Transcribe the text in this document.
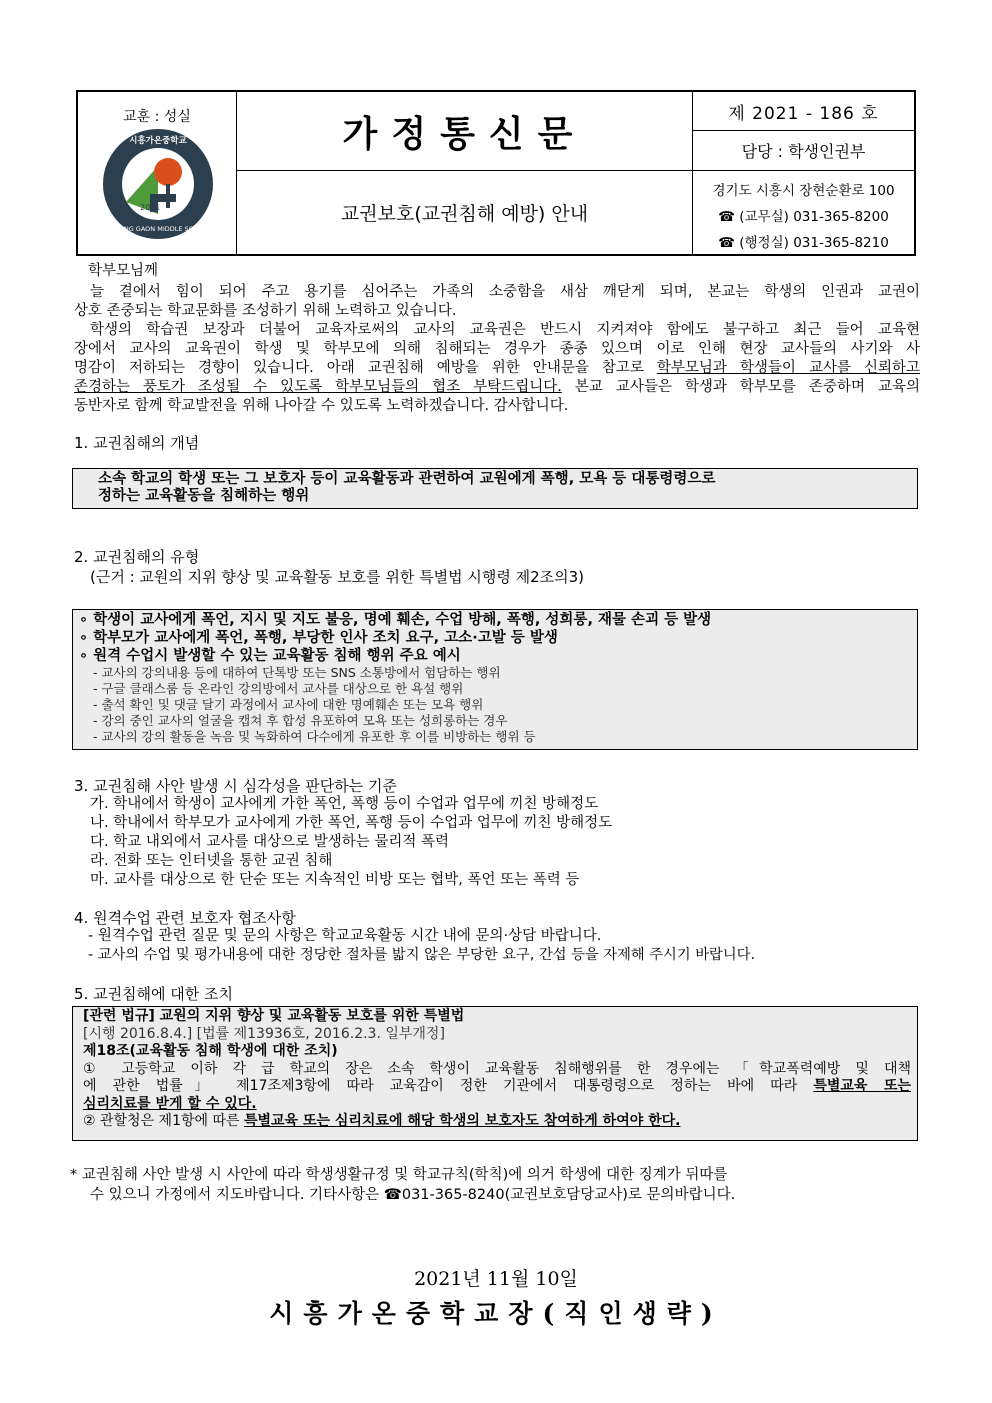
교훈 : 성실
2021
시흥가온중학교
SIHEUNG GAON MIDDLE SCHOOL
가정통신문
교권보호(교권침해 예방) 안내
제 2021 - 186 호
담당 : 학생인권부
경기도 시흥시 장현순환로 100
☎ (교무실) 031-365-8200
☎ (행정실) 031-365-8210
학부모님께
늘 곁에서 힘이 되어 주고 용기를 심어주는 가족의 소중함을 새삼 깨닫게 되며, 본교는 학생의 인권과 교권이
상호 존중되는 학교문화를 조성하기 위해 노력하고 있습니다.
학생의 학습권 보장과 더불어 교육자로써의 교사의 교육권은 반드시 지켜져야 함에도 불구하고 최근 들어 교육현
장에서 교사의 교육권이 학생 및 학부모에 의해 침해되는 경우가 종종 있으며 이로 인해 현장 교사들의 사기와 사
명감이 저하되는 경향이 있습니다. 아래 교권침해 예방을 위한 안내문을 참고로 학부모님과 학생들이 교사를 신뢰하고
존경하는 풍토가 조성될 수 있도록 학부모님들의 협조 부탁드립니다. 본교 교사들은 학생과 학부모를 존중하며 교육의
동반자로 함께 학교발전을 위해 나아갈 수 있도록 노력하겠습니다. 감사합니다.
1. 교권침해의 개념
소속 학교의 학생 또는 그 보호자 등이 교육활동과 관련하여 교원에게 폭행, 모욕 등 대통령령으로
정하는 교육활동을 침해하는 행위
2. 교권침해의 유형
(근거 : 교원의 지위 향상 및 교육활동 보호를 위한 특별법 시행령 제2조의3)
∘ 학생이 교사에게 폭언, 지시 및 지도 불응, 명예 훼손, 수업 방해, 폭행, 성희롱, 재물 손괴 등 발생
∘ 학부모가 교사에게 폭언, 폭행, 부당한 인사 조치 요구, 고소·고발 등 발생
∘ 원격 수업시 발생할 수 있는 교육활동 침해 행위 주요 예시
- 교사의 강의내용 등에 대하여 단톡방 또는 SNS 소통방에서 험담하는 행위
- 구글 클래스룸 등 온라인 강의방에서 교사를 대상으로 한 욕설 행위
- 출석 확인 및 댓글 달기 과정에서 교사에 대한 명예훼손 또는 모욕 행위
- 강의 중인 교사의 얼굴을 캡쳐 후 합성 유포하여 모욕 또는 성희롱하는 경우
- 교사의 강의 활동을 녹음 및 녹화하여 다수에게 유포한 후 이를 비방하는 행위 등
3. 교권침해 사안 발생 시 심각성을 판단하는 기준
가. 학내에서 학생이 교사에게 가한 폭언, 폭행 등이 수업과 업무에 끼친 방해정도
나. 학내에서 학부모가 교사에게 가한 폭언, 폭행 등이 수업과 업무에 끼친 방해정도
다. 학교 내외에서 교사를 대상으로 발생하는 물리적 폭력
라. 전화 또는 인터넷을 통한 교권 침해
마. 교사를 대상으로 한 단순 또는 지속적인 비방 또는 협박, 폭언 또는 폭력 등
4. 원격수업 관련 보호자 협조사항
- 원격수업 관련 질문 및 문의 사항은 학교교육활동 시간 내에 문의·상담 바랍니다.
- 교사의 수업 및 평가내용에 대한 정당한 절차를 밟지 않은 부당한 요구, 간섭 등을 자제해 주시기 바랍니다.
5. 교권침해에 대한 조치
[관련 법규] 교원의 지위 향상 및 교육활동 보호를 위한 특별법
[시행 2016.8.4.] [법률 제13936호, 2016.2.3. 일부개정]
제18조(교육활동 침해 학생에 대한 조치)
① 고등학교 이하 각 급 학교의 장은 소속 학생이 교육활동 침해행위를 한 경우에는 「학교폭력예방 및 대책
에 관한 법률」 제17조제3항에 따라 교육감이 정한 기관에서 대통령령으로 정하는 바에 따라 특별교육 또는
심리치료를 받게 할 수 있다.
② 관할청은 제1항에 따른 특별교육 또는 심리치료에 해당 학생의 보호자도 참여하게 하여야 한다.
* 교권침해 사안 발생 시 사안에 따라 학생생활규정 및 학교규칙(학칙)에 의거 학생에 대한 징계가 뒤따를
수 있으니 가정에서 지도바랍니다. 기타사항은 ☎031-365-8240(교권보호담당교사)로 문의바랍니다.
2021년 11월 10일
시흥가온중학교장(직인생략)
